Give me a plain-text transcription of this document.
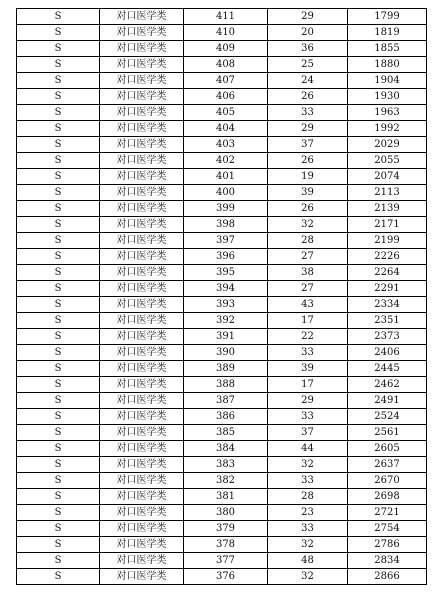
S	对口医学类	411	29	1799
S	对口医学类	410	20	1819
S	对口医学类	409	36	1855
S	对口医学类	408	25	1880
S	对口医学类	407	24	1904
S	对口医学类	406	26	1930
S	对口医学类	405	33	1963
S	对口医学类	404	29	1992
S	对口医学类	403	37	2029
S	对口医学类	402	26	2055
S	对口医学类	401	19	2074
S	对口医学类	400	39	2113
S	对口医学类	399	26	2139
S	对口医学类	398	32	2171
S	对口医学类	397	28	2199
S	对口医学类	396	27	2226
S	对口医学类	395	38	2264
S	对口医学类	394	27	2291
S	对口医学类	393	43	2334
S	对口医学类	392	17	2351
S	对口医学类	391	22	2373
S	对口医学类	390	33	2406
S	对口医学类	389	39	2445
S	对口医学类	388	17	2462
S	对口医学类	387	29	2491
S	对口医学类	386	33	2524
S	对口医学类	385	37	2561
S	对口医学类	384	44	2605
S	对口医学类	383	32	2637
S	对口医学类	382	33	2670
S	对口医学类	381	28	2698
S	对口医学类	380	23	2721
S	对口医学类	379	33	2754
S	对口医学类	378	32	2786
S	对口医学类	377	48	2834
S	对口医学类	376	32	2866
